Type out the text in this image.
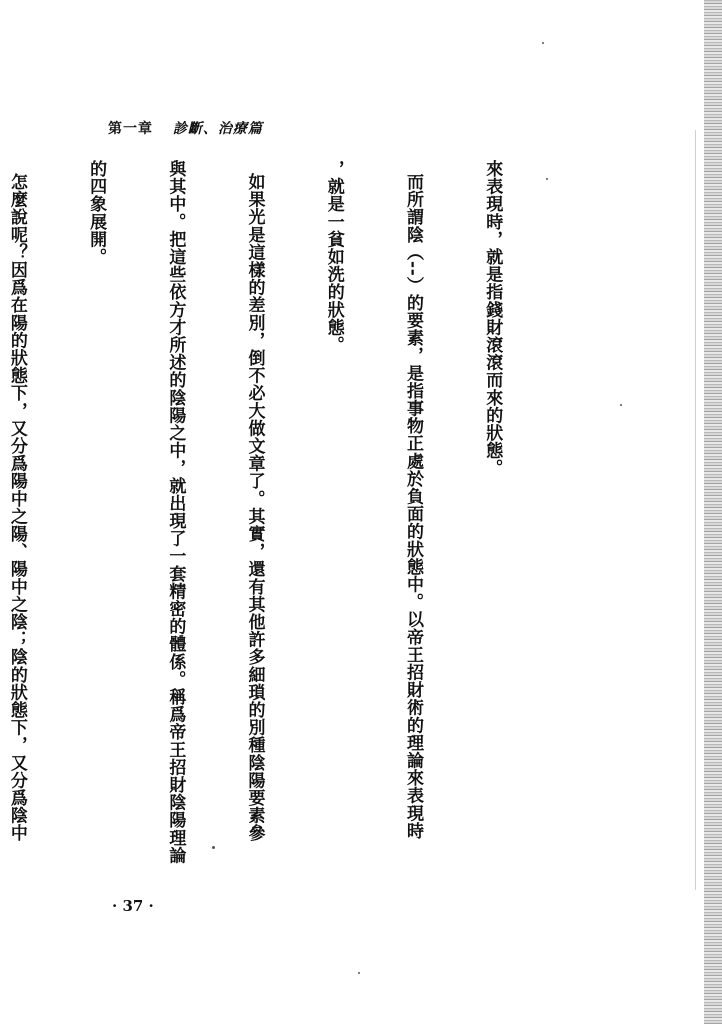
第一章 診斷、治療篇

來表現時，就是指錢財滾滾而來的狀態。

而所謂陰（--）的要素，是指事物正處於負面的狀態中。以帝王招財術的理論來表現時

，就是一貧如洗的狀態。

如果光是這樣的差別，倒不必大做文章了。其實，還有其他許多細瑣的別種陰陽要素參

與其中。把這些依方才所述的陰陽之中，就出現了一套精密的體係。稱爲帝王招財陰陽理論

的四象展開。

怎麼說呢？因爲在陽的狀態下，又分爲陽中之陽、陽中之陰；陰的狀態下，又分爲陰中

· 37 ·
